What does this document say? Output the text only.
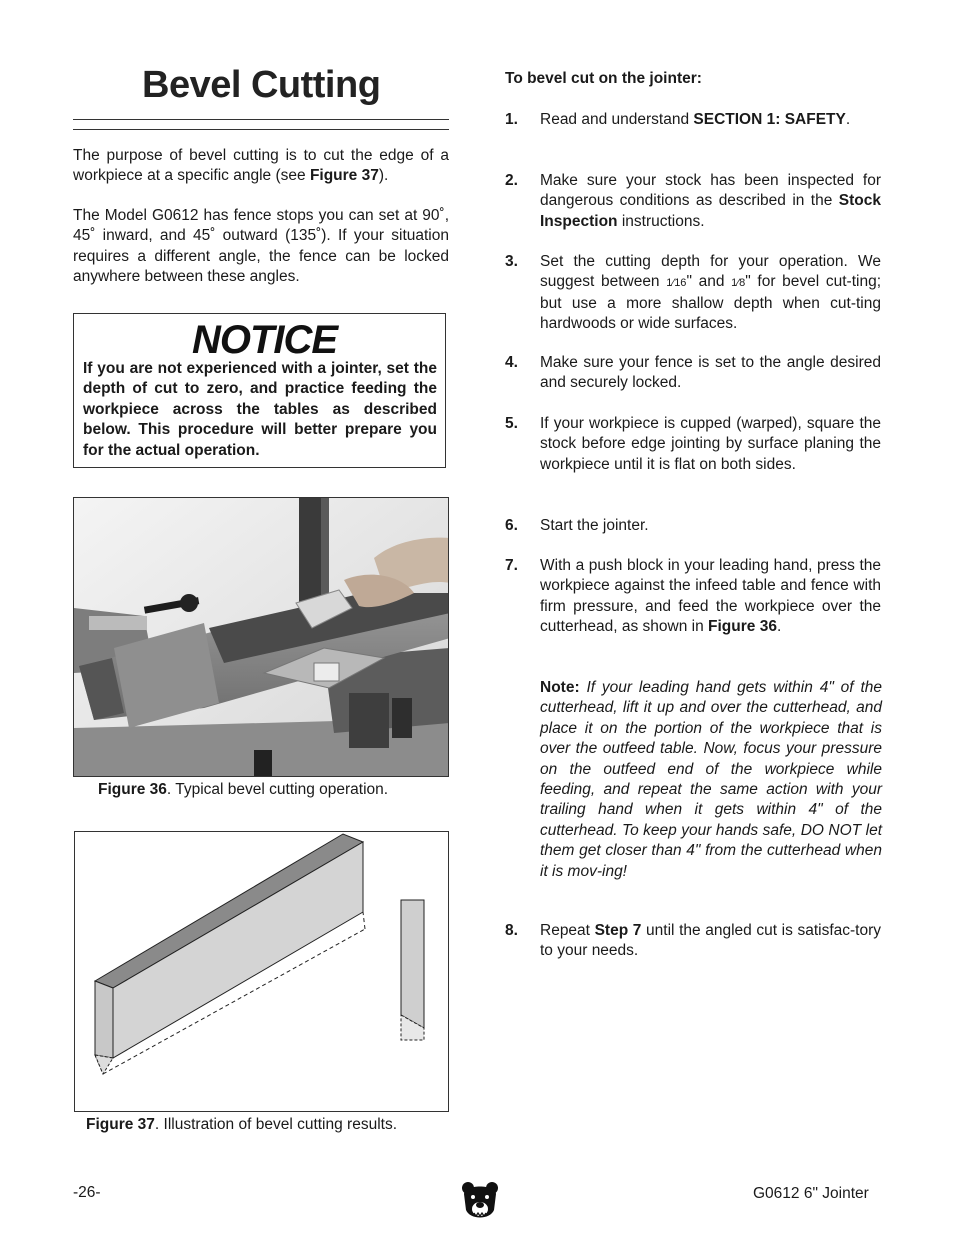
Bevel Cutting

The purpose of bevel cutting is to cut the edge of a workpiece at a specific angle (see Figure 37).

The Model G0612 has fence stops you can set at 90˚, 45˚ inward, and 45˚ outward (135˚). If your situation requires a different angle, the fence can be locked anywhere between these angles.

NOTICE

If you are not experienced with a jointer, set the depth of cut to zero, and practice feeding the workpiece across the tables as described below. This procedure will better prepare you for the actual operation.

Figure 36. Typical bevel cutting operation.

Figure 37. Illustration of bevel cutting results.

To bevel cut on the jointer:

1. Read and understand SECTION 1: SAFETY.
2. Make sure your stock has been inspected for dangerous conditions as described in the Stock Inspection instructions.
3. Set the cutting depth for your operation. We suggest between 1⁄16" and 1⁄8" for bevel cut-ting; but use a more shallow depth when cut-ting hardwoods or wide surfaces.
4. Make sure your fence is set to the angle desired and securely locked.
5. If your workpiece is cupped (warped), square the stock before edge jointing by surface planing the workpiece until it is flat on both sides.
6. Start the jointer.
7. With a push block in your leading hand, press the workpiece against the infeed table and fence with firm pressure, and feed the workpiece over the cutterhead, as shown in Figure 36.
Note: If your leading hand gets within 4" of the cutterhead, lift it up and over the cutterhead, and place it on the portion of the workpiece that is over the outfeed table. Now, focus your pressure on the outfeed end of the workpiece while feeding, and repeat the same action with your trailing hand when it gets within 4" of the cutterhead. To keep your hands safe, DO NOT let them get closer than 4" from the cutterhead when it is mov-ing!
8. Repeat Step 7 until the angled cut is satisfac-tory to your needs.

-26-	G0612 6" Jointer
